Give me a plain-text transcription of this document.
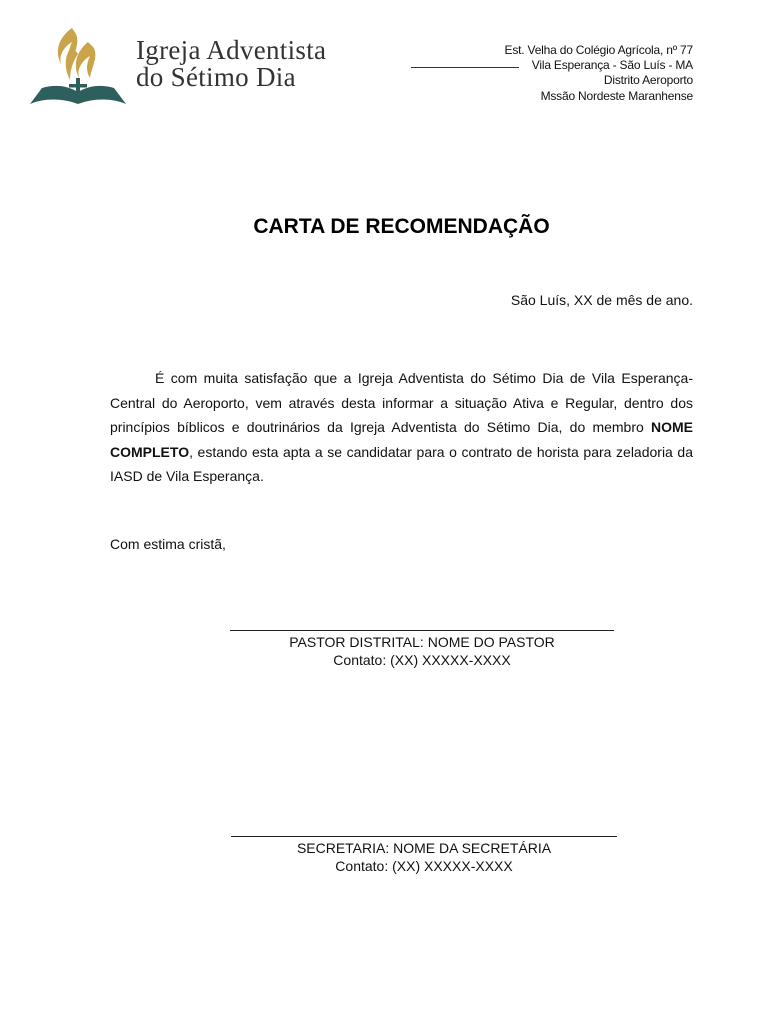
Igreja Adventista
do Sétimo Dia
Est. Velha do Colégio Agrícola, nº 77
Vila Esperança - São Luís - MA
Distrito Aeroporto
Mssão Nordeste Maranhense
CARTA DE RECOMENDAÇÃO
São Luís, XX de mês de ano.

É com muita satisfação que a Igreja Adventista do Sétimo Dia de Vila Esperança-Central do Aeroporto, vem através desta informar a situação Ativa e Regular, dentro dos princípios bíblicos e doutrinários da Igreja Adventista do Sétimo Dia, do membro NOME COMPLETO, estando esta apta a se candidatar para o contrato de horista para zeladoria da IASD de Vila Esperança.

Com estima cristã,
PASTOR DISTRITAL: NOME DO PASTOR
Contato: (XX) XXXXX-XXXX
SECRETARIA: NOME DA SECRETÁRIA
Contato: (XX) XXXXX-XXXX
